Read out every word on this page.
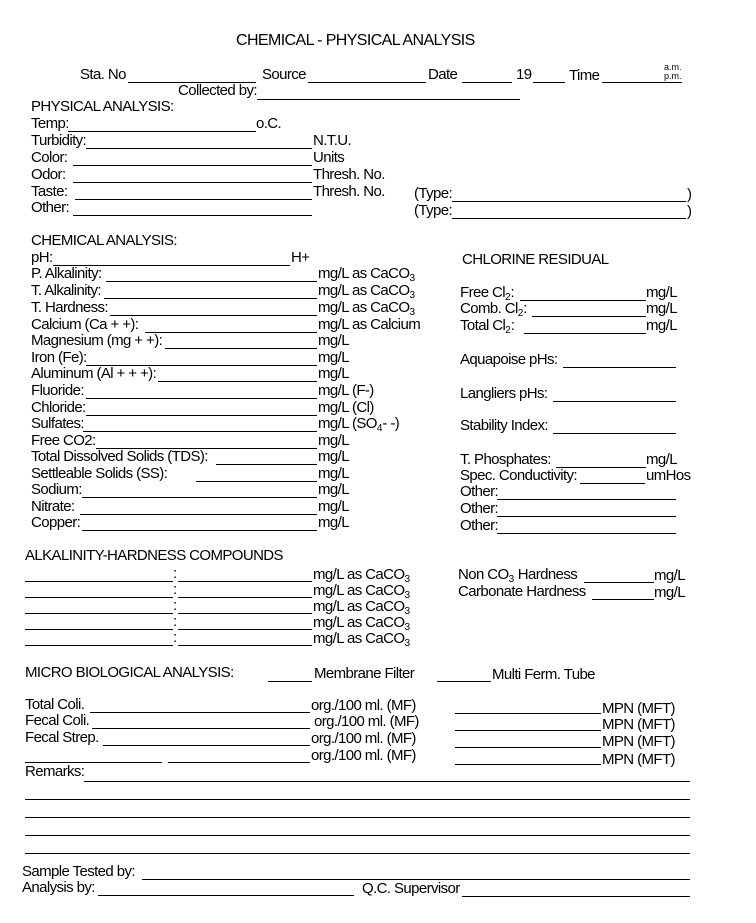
CHEMICAL - PHYSICAL ANALYSIS
Sta. No	Source	Date	19	Time	a.m.
p.m.
Collected by:
PHYSICAL ANALYSIS:
Temp:	o.C.
Turbidity:	N.T.U.
Color:	Units
Odor:	Thresh. No.
Taste:	Thresh. No.
Other:
(Type:	)
(Type:	)
CHEMICAL ANALYSIS:
pH:	H+
P. Alkalinity:	mg/L as CaCO$_3$
T. Alkalinity:	mg/L as CaCO$_3$
T. Hardness:	mg/L as CaCO$_3$
Calcium (Ca + +):	mg/L as Calcium
Magnesium (mg + +):	mg/L
Iron (Fe):	mg/L
Aluminum (Al + + +):	mg/L
Fluoride:	mg/L (F-)
Chloride:	mg/L (Cl)
Sulfates:	mg/L ($SO_4-$ -)
Free CO2:	mg/L
Total Dissolved Solids (TDS):	mg/L
Settleable Solids (SS):	mg/L
Sodium:	mg/L
Nitrate:	mg/L
Copper:	mg/L
CHLORINE RESIDUAL
Free $Cl_2$:	mg/L
Comb. $Cl_2$:	mg/L
Total $Cl_2$:	mg/L
Aquapoise pHs:
Langliers pHs:
Stability Index:
T. Phosphates:	mg/L
Spec. Conductivity:	umHos
Other:
Other:
Other:
ALKALINITY-HARDNESS COMPOUNDS
:	mg/L as CaCO$_3$
:	mg/L as CaCO$_3$
:	mg/L as CaCO$_3$
:	mg/L as CaCO$_3$
:	mg/L as CaCO$_3$
Non $CO_3$ Hardness	mg/L
Carbonate Hardness	mg/L
MICRO BIOLOGICAL ANALYSIS:	Membrane Filter	Multi Ferm. Tube
Total Coli.	org./100 ml. (MF)	MPN (MFT)
Fecal Coli.	org./100 ml. (MF)	MPN (MFT)
Fecal Strep.	org./100 ml. (MF)	MPN (MFT)
org./100 ml. (MF)	MPN (MFT)
Remarks:
Sample Tested by:
Analysis by:	Q.C. Supervisor
